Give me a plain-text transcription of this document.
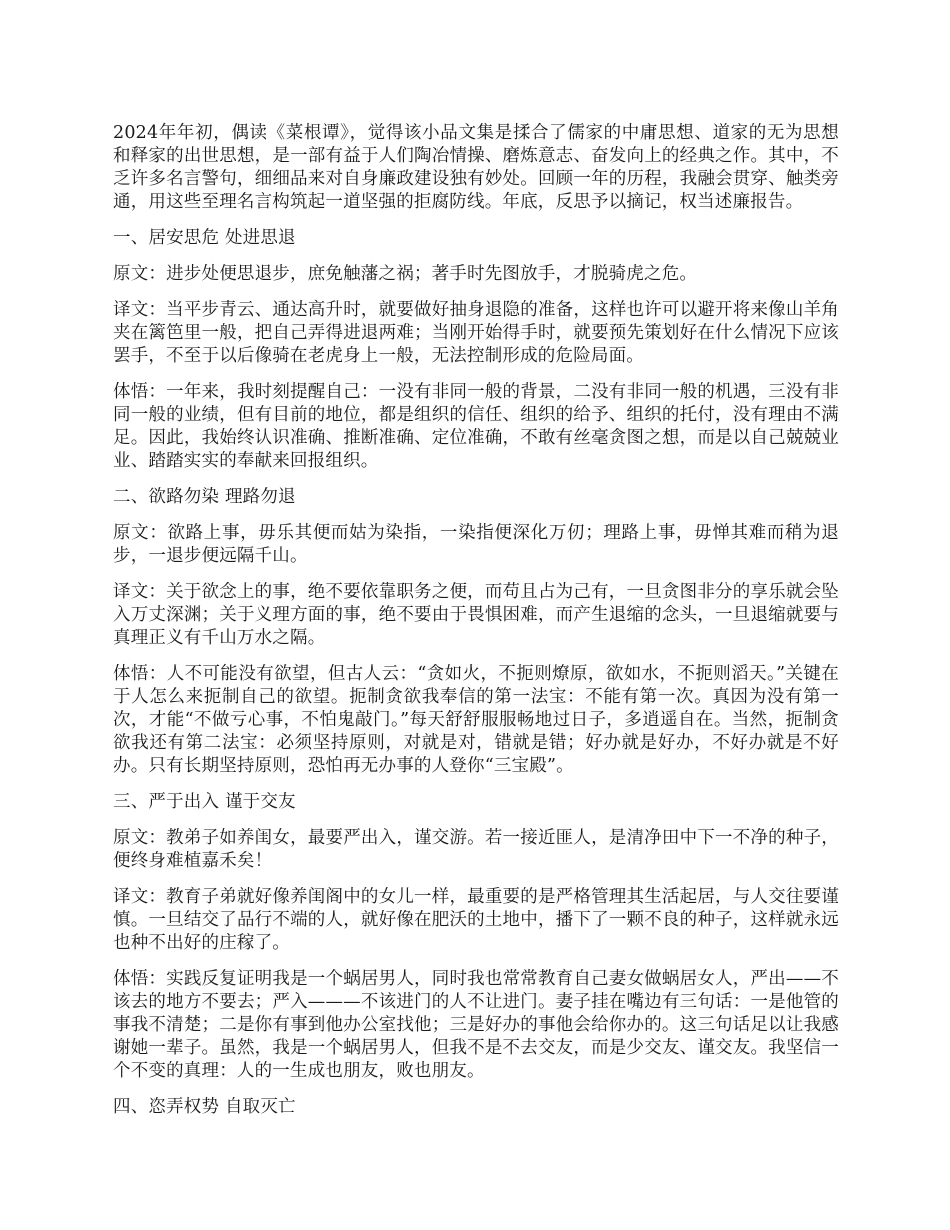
2024年年初，偶读《菜根谭》，觉得该小品文集是揉合了儒家的中庸思想、道家的无为思想和释家的出世思想，是一部有益于人们陶冶情操、磨炼意志、奋发向上的经典之作。其中，不乏许多名言警句，细细品来对自身廉政建设独有妙处。回顾一年的历程，我融会贯穿、触类旁通，用这些至理名言构筑起一道坚强的拒腐防线。年底，反思予以摘记，权当述廉报告。

一、居安思危 处进思退

原文：进步处便思退步，庶免触藩之祸；著手时先图放手，才脱骑虎之危。

译文：当平步青云、通达高升时，就要做好抽身退隐的准备，这样也许可以避开将来像山羊角夹在篱笆里一般，把自己弄得进退两难；当刚开始得手时，就要预先策划好在什么情况下应该罢手，不至于以后像骑在老虎身上一般，无法控制形成的危险局面。

体悟：一年来，我时刻提醒自己：一没有非同一般的背景，二没有非同一般的机遇，三没有非同一般的业绩，但有目前的地位，都是组织的信任、组织的给予、组织的托付，没有理由不满足。因此，我始终认识准确、推断准确、定位准确，不敢有丝毫贪图之想，而是以自己兢兢业业、踏踏实实的奉献来回报组织。

二、欲路勿染 理路勿退

原文：欲路上事，毋乐其便而姑为染指，一染指便深化万仞；理路上事，毋惮其难而稍为退步，一退步便远隔千山。

译文：关于欲念上的事，绝不要依靠职务之便，而苟且占为己有，一旦贪图非分的享乐就会坠入万丈深渊；关于义理方面的事，绝不要由于畏惧困难，而产生退缩的念头，一旦退缩就要与真理正义有千山万水之隔。

体悟：人不可能没有欲望，但古人云：“贪如火，不扼则燎原，欲如水，不扼则滔天。”关键在于人怎么来扼制自己的欲望。扼制贪欲我奉信的第一法宝：不能有第一次。真因为没有第一次，才能“不做亏心事，不怕鬼敲门。”每天舒舒服服畅地过日子，多逍遥自在。当然，扼制贪欲我还有第二法宝：必须坚持原则，对就是对，错就是错；好办就是好办，不好办就是不好办。只有长期坚持原则，恐怕再无办事的人登你“三宝殿”。

三、严于出入 谨于交友

原文：教弟子如养闺女，最要严出入，谨交游。若一接近匪人，是清净田中下一不净的种子，便终身难植嘉禾矣！

译文：教育子弟就好像养闺阁中的女儿一样，最重要的是严格管理其生活起居，与人交往要谨慎。一旦结交了品行不端的人，就好像在肥沃的土地中，播下了一颗不良的种子，这样就永远也种不出好的庄稼了。

体悟：实践反复证明我是一个蜗居男人，同时我也常常教育自己妻女做蜗居女人，严出——不该去的地方不要去；严入———不该进门的人不让进门。妻子挂在嘴边有三句话：一是他管的事我不清楚；二是你有事到他办公室找他；三是好办的事他会给你办的。这三句话足以让我感谢她一辈子。虽然，我是一个蜗居男人，但我不是不去交友，而是少交友、谨交友。我坚信一个不变的真理：人的一生成也朋友，败也朋友。

四、恣弄权势 自取灭亡
